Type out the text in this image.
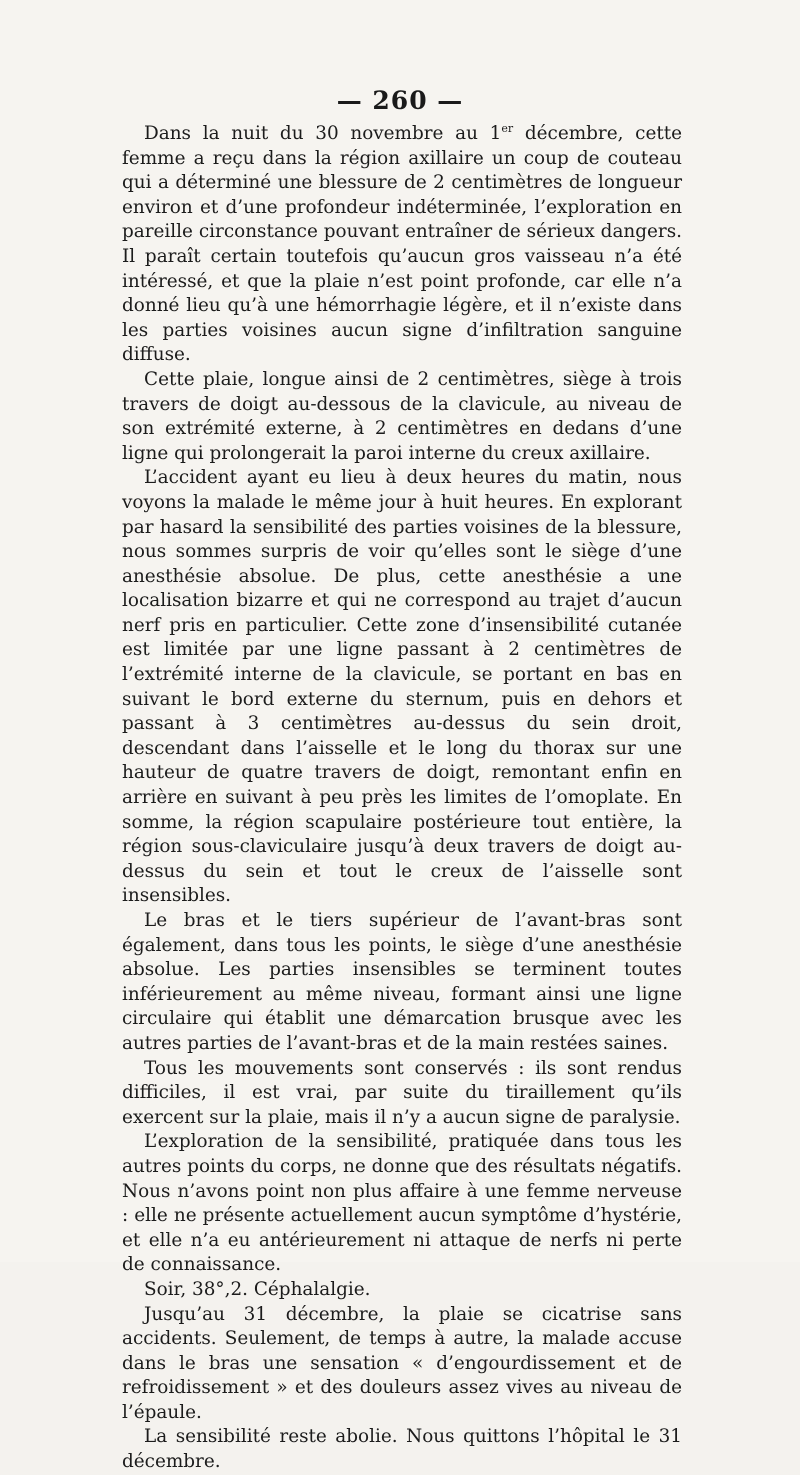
— 260 —

Dans la nuit du 30 novembre au 1er décembre, cette femme a reçu dans la région axillaire un coup de couteau qui a déterminé une blessure de 2 centimètres de longueur environ et d’une profondeur indéterminée, l’exploration en pareille circonstance pouvant entraîner de sérieux dangers. Il paraît certain toutefois qu’aucun gros vaisseau n’a été intéressé, et que la plaie n’est point profonde, car elle n’a donné lieu qu’à une hémorrhagie légère, et il n’existe dans les parties voisines aucun signe d’infiltration sanguine diffuse.

Cette plaie, longue ainsi de 2 centimètres, siège à trois travers de doigt au-dessous de la clavicule, au niveau de son extrémité externe, à 2 centimètres en dedans d’une ligne qui prolongerait la paroi interne du creux axillaire.

L’accident ayant eu lieu à deux heures du matin, nous voyons la malade le même jour à huit heures. En explorant par hasard la sensibilité des parties voisines de la blessure, nous sommes surpris de voir qu’elles sont le siège d’une anesthésie absolue. De plus, cette anesthésie a une localisation bizarre et qui ne correspond au trajet d’aucun nerf pris en particulier. Cette zone d’insensibilité cutanée est limitée par une ligne passant à 2 centimètres de l’extrémité interne de la clavicule, se portant en bas en suivant le bord externe du sternum, puis en dehors et passant à 3 centimètres au-dessus du sein droit, descendant dans l’aisselle et le long du thorax sur une hauteur de quatre travers de doigt, remontant enfin en arrière en suivant à peu près les limites de l’omoplate. En somme, la région scapulaire postérieure tout entière, la région sous-claviculaire jusqu’à deux travers de doigt au-dessus du sein et tout le creux de l’aisselle sont insensibles.

Le bras et le tiers supérieur de l’avant-bras sont également, dans tous les points, le siège d’une anesthésie absolue. Les parties insensibles se terminent toutes inférieurement au même niveau, formant ainsi une ligne circulaire qui établit une démarcation brusque avec les autres parties de l’avant-bras et de la main restées saines.

Tous les mouvements sont conservés : ils sont rendus difficiles, il est vrai, par suite du tiraillement qu’ils exercent sur la plaie, mais il n’y a aucun signe de paralysie.

L’exploration de la sensibilité, pratiquée dans tous les autres points du corps, ne donne que des résultats négatifs. Nous n’avons point non plus affaire à une femme nerveuse : elle ne présente actuellement aucun symptôme d’hystérie, et elle n’a eu antérieurement ni attaque de nerfs ni perte de connaissance.

Soir, 38°,2. Céphalalgie.

Jusqu’au 31 décembre, la plaie se cicatrise sans accidents. Seulement, de temps à autre, la malade accuse dans le bras une sensation « d’engourdissement et de refroidissement » et des douleurs assez vives au niveau de l’épaule.

La sensibilité reste abolie. Nous quittons l’hôpital le 31 décembre.
